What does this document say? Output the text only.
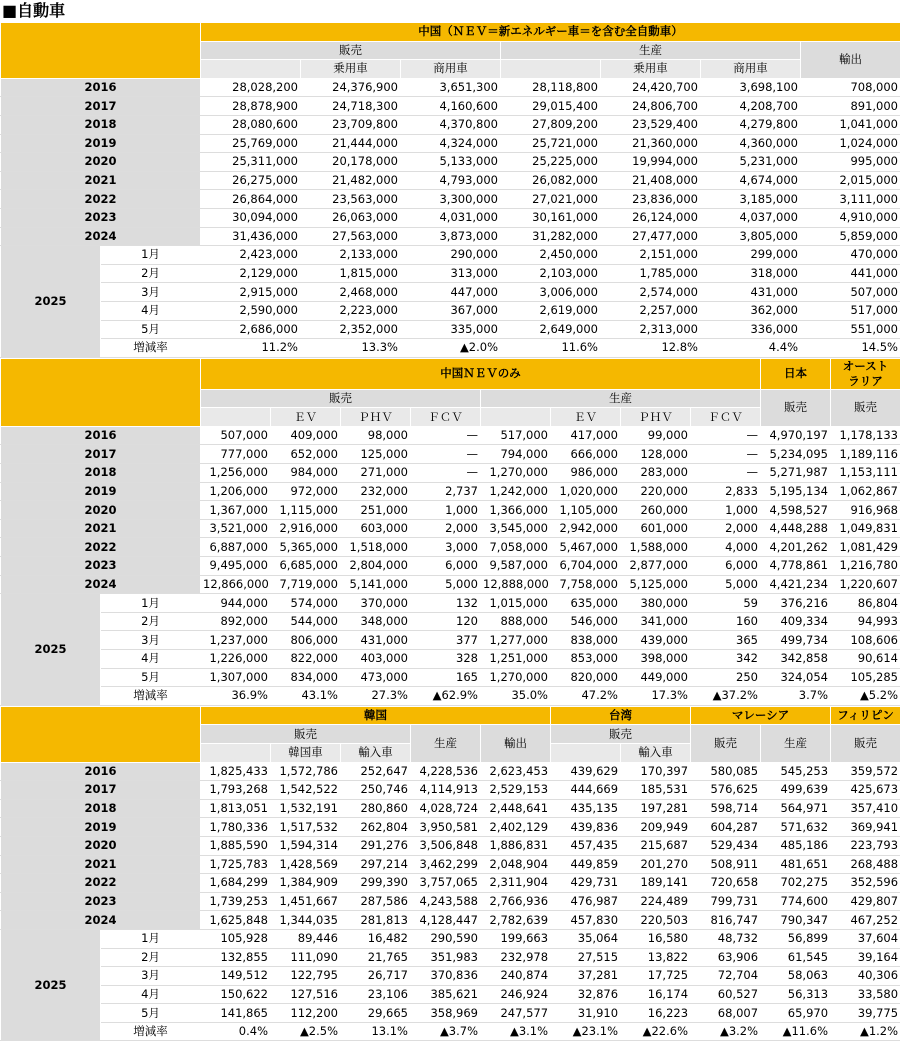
■自動車
		中国（ＮＥＶ＝新エネルギー車＝を含む全自動車）						
		販売			生産			輸出
			乗用車	商用車		乗用車	商用車	
2016		28,028,200	24,376,900	3,651,300	28,118,800	24,420,700	3,698,100	708,000
2017		28,878,900	24,718,300	4,160,600	29,015,400	24,806,700	4,208,700	891,000
2018		28,080,600	23,709,800	4,370,800	27,809,200	23,529,400	4,279,800	1,041,000
2019		25,769,000	21,444,000	4,324,000	25,721,000	21,360,000	4,360,000	1,024,000
2020		25,311,000	20,178,000	5,133,000	25,225,000	19,994,000	5,231,000	995,000
2021		26,275,000	21,482,000	4,793,000	26,082,000	21,408,000	4,674,000	2,015,000
2022		26,864,000	23,563,000	3,300,000	27,021,000	23,836,000	3,185,000	3,111,000
2023		30,094,000	26,063,000	4,031,000	30,161,000	26,124,000	4,037,000	4,910,000
2024		31,436,000	27,563,000	3,873,000	31,282,000	27,477,000	3,805,000	5,859,000
2025	1月	2,423,000	2,133,000	290,000	2,450,000	2,151,000	299,000	470,000
	2月	2,129,000	1,815,000	313,000	2,103,000	1,785,000	318,000	441,000
	3月	2,915,000	2,468,000	447,000	3,006,000	2,574,000	431,000	507,000
	4月	2,590,000	2,223,000	367,000	2,619,000	2,257,000	362,000	517,000
	5月	2,686,000	2,352,000	335,000	2,649,000	2,313,000	336,000	551,000
	増減率	11.2%	13.3%	▲2.0%	11.6%	12.8%	4.4%	14.5%
		中国ＮＥＶのみ								日本	オースト
ラリア
		販売				生産				販売	販売
			ＥＶ	ＰＨＶ	ＦＣＶ		ＥＶ	ＰＨＶ	ＦＣＶ		
2016		507,000	409,000	98,000	—	517,000	417,000	99,000	—	4,970,197	1,178,133
2017		777,000	652,000	125,000	—	794,000	666,000	128,000	—	5,234,095	1,189,116
2018		1,256,000	984,000	271,000	—	1,270,000	986,000	283,000	—	5,271,987	1,153,111
2019		1,206,000	972,000	232,000	2,737	1,242,000	1,020,000	220,000	2,833	5,195,134	1,062,867
2020		1,367,000	1,115,000	251,000	1,000	1,366,000	1,105,000	260,000	1,000	4,598,527	916,968
2021		3,521,000	2,916,000	603,000	2,000	3,545,000	2,942,000	601,000	2,000	4,448,288	1,049,831
2022		6,887,000	5,365,000	1,518,000	3,000	7,058,000	5,467,000	1,588,000	4,000	4,201,262	1,081,429
2023		9,495,000	6,685,000	2,804,000	6,000	9,587,000	6,704,000	2,877,000	6,000	4,778,861	1,216,780
2024		12,866,000	7,719,000	5,141,000	5,000	12,888,000	7,758,000	5,125,000	5,000	4,421,234	1,220,607
2025	1月	944,000	574,000	370,000	132	1,015,000	635,000	380,000	59	376,216	86,804
	2月	892,000	544,000	348,000	120	888,000	546,000	341,000	160	409,334	94,993
	3月	1,237,000	806,000	431,000	377	1,277,000	838,000	439,000	365	499,734	108,606
	4月	1,226,000	822,000	403,000	328	1,251,000	853,000	398,000	342	342,858	90,614
	5月	1,307,000	834,000	473,000	165	1,270,000	820,000	449,000	250	324,054	105,285
	増減率	36.9%	43.1%	27.3%	▲62.9%	35.0%	47.2%	17.3%	▲37.2%	3.7%	▲5.2%
		韓国					台湾		マレーシア		フィリピン
		販売			生産	輸出	販売		販売	生産	販売
			韓国車	輸入車				輸入車			
2016		1,825,433	1,572,786	252,647	4,228,536	2,623,453	439,629	170,397	580,085	545,253	359,572
2017		1,793,268	1,542,522	250,746	4,114,913	2,529,153	444,669	185,531	576,625	499,639	425,673
2018		1,813,051	1,532,191	280,860	4,028,724	2,448,641	435,135	197,281	598,714	564,971	357,410
2019		1,780,336	1,517,532	262,804	3,950,581	2,402,129	439,836	209,949	604,287	571,632	369,941
2020		1,885,590	1,594,314	291,276	3,506,848	1,886,831	457,435	215,687	529,434	485,186	223,793
2021		1,725,783	1,428,569	297,214	3,462,299	2,048,904	449,859	201,270	508,911	481,651	268,488
2022		1,684,299	1,384,909	299,390	3,757,065	2,311,904	429,731	189,141	720,658	702,275	352,596
2023		1,739,253	1,451,667	287,586	4,243,588	2,766,936	476,987	224,489	799,731	774,600	429,807
2024		1,625,848	1,344,035	281,813	4,128,447	2,782,639	457,830	220,503	816,747	790,347	467,252
2025	1月	105,928	89,446	16,482	290,590	199,663	35,064	16,580	48,732	56,899	37,604
	2月	132,855	111,090	21,765	351,983	232,978	27,515	13,822	63,906	61,545	39,164
	3月	149,512	122,795	26,717	370,836	240,874	37,281	17,725	72,704	58,063	40,306
	4月	150,622	127,516	23,106	385,621	246,924	32,876	16,174	60,527	56,313	33,580
	5月	141,865	112,200	29,665	358,969	247,577	31,910	16,223	68,007	65,970	39,775
	増減率	0.4%	▲2.5%	13.1%	▲3.7%	▲3.1%	▲23.1%	▲22.6%	▲3.2%	▲11.6%	▲1.2%
